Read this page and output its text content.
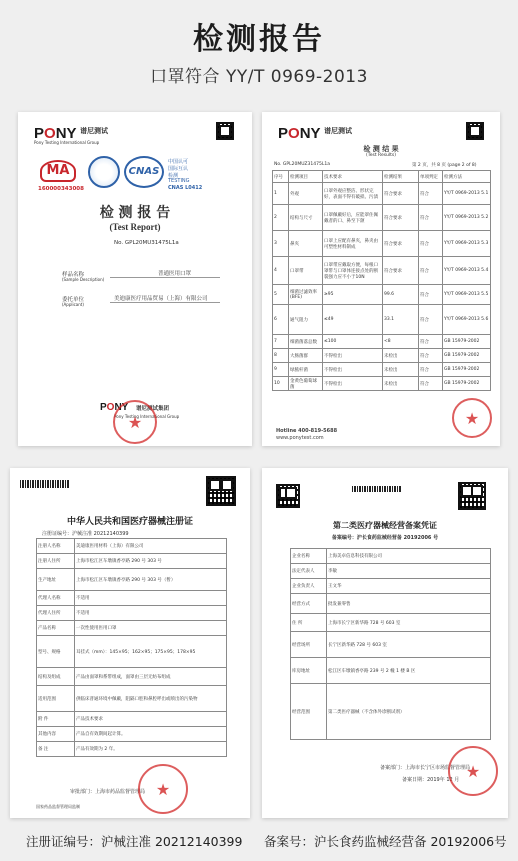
检测报告
口罩符合 YY/T 0969-2013
PONY 谱尼测试
Pony Testing International Group
MA
160000343008
CNAS
中国认可
国际互认
检测
TESTING
CNAS L0412
检 测 报 告
(Test Report)
No. GPL20MU31475L1a
样品名称
(Sample Description)
普通医用口罩
委托单位
(Applicant)
美迪康医疗用品贸易（上海）有限公司
PONY 谱尼测试集团
Pony Testing International Group
★
PONY 谱尼测试
检 测 结 果
(Test Results)
No. GPL20MUZ31475L1a	第 2 页，共 8 页 (page 2 of 8)
序号	检测项目	技术要求	检测结果	单项判定	检测方法
1	外观	口罩外观应整洁、形状完好，表面不得有破损、污渍	符合要求	符合	YY/T 0969-2013 5.1
2	结构与尺寸	口罩佩戴好后，应能罩住佩戴者的口、鼻至下颌	符合要求	符合	YY/T 0969-2013 5.2
3	鼻夹	口罩上应配有鼻夹，鼻夹由可塑性材料制成	符合要求	符合	YY/T 0969-2013 5.3
4	口罩带	口罩带应戴取方便，每根口罩带与口罩体连接点处的断裂强力应不小于10N	符合要求	符合	YY/T 0969-2013 5.4
5	细菌过滤效率(BFE)	≥95	99.6	符合	YY/T 0969-2013 5.5
6	通气阻力	≤49	33.1	符合	YY/T 0969-2013 5.6
7	细菌菌落总数	≤100	<8	符合	GB 15979-2002
8	大肠菌群	不得检出	未检出	符合	GB 15979-2002
9	绿脓杆菌	不得检出	未检出	符合	GB 15979-2002
10	金黄色葡萄球菌	不得检出	未检出	符合	GB 15979-2002
Hotline 400-819-5688
www.ponytest.com
★
中华人民共和国医疗器械注册证
注册证编号：沪械注准 20212140399
注册人名称	美迪康医用材料（上海）有限公司
注册人住所	上海市松江区车墩镇香亭路 290 号 303 号
生产地址	上海市松江区车墩镇香亭路 290 号 303 号（暂）
代理人名称	不适用
代理人住所	不适用
产品名称	一次性使用医用口罩
型号、规格	耳挂式（mm）：145×95；162×95；175×95；178×95
结构及组成	产品由面罩和系带组成，面罩由三层无纺布组成
适用范围	供临床普通环境中佩戴，阻隔口腔和鼻腔呼出或喷出的污染物
附 件	产品技术要求
其他内容	产品自有效期间起计算。
备 注	产品有效期为 2 年。
审批部门：上海市药品监督管理局
国家药品监督管理局监制
★
第二类医疗器械经营备案凭证
备案编号：沪长食药监械经营备 20192006 号
企业名称	上海美卓信息科技有限公司
法定代表人	李敏
企业负责人	王文华
经营方式	批发兼零售
住 所	上海市长宁区新华路 728 号 603 室
经营场所	长宁区新华路 728 号 603 室
库房地址	松江区车墩镇香亭路 239 号 2 幢 1 楼 B 区
经营范围	第二类医疗器械（不含体外诊断试剂）
备案部门：上海市长宁区市场监督管理局
备案日期：2019年 12 月 ★
注册证编号：沪械注准 20212140399 备案号：沪长食药监械经营备 20192006号
